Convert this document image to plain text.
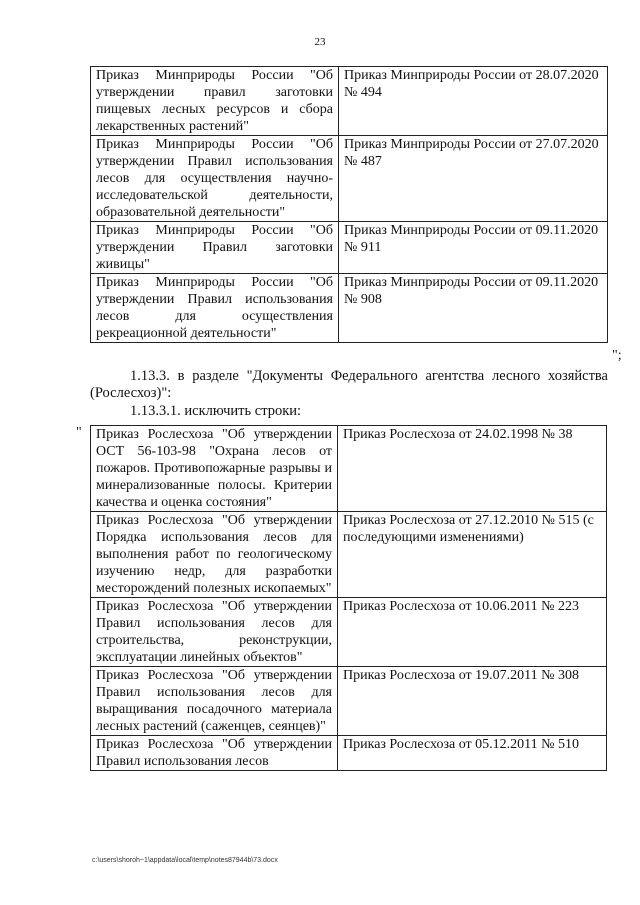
23
Приказ Минприроды России "Об утверждении правил заготовки пищевых лесных ресурсов и сбора лекарственных растений"	Приказ Минприроды России от 28.07.2020 № 494
Приказ Минприроды России "Об утверждении Правил использования лесов для осуществления научно-исследовательской деятельности, образовательной деятельности"	Приказ Минприроды России от 27.07.2020 № 487
Приказ Минприроды России "Об утверждении Правил заготовки живицы"	Приказ Минприроды России от 09.11.2020 № 911
Приказ Минприроды России "Об утверждении Правил использования лесов для осуществления рекреационной деятельности"	Приказ Минприроды России от 09.11.2020 № 908
";
1.13.3. в разделе "Документы Федерального агентства лесного хозяйства (Рослесхоз)":
1.13.3.1. исключить строки:
" Приказ Рослесхоза "Об утверждении ОСТ 56-103-98 "Охрана лесов от пожаров. Противопожарные разрывы и минерализованные полосы. Критерии качества и оценка состояния"	Приказ Рослесхоза от 24.02.1998 № 38
Приказ Рослесхоза "Об утверждении Порядка использования лесов для выполнения работ по геологическому изучению недр, для разработки месторождений полезных ископаемых"	Приказ Рослесхоза от 27.12.2010 № 515 (с последующими изменениями)
Приказ Рослесхоза "Об утверждении Правил использования лесов для строительства, реконструкции, эксплуатации линейных объектов"	Приказ Рослесхоза от 10.06.2011 № 223
Приказ Рослесхоза "Об утверждении Правил использования лесов для выращивания посадочного материала лесных растений (саженцев, сеянцев)"	Приказ Рослесхоза от 19.07.2011 № 308
Приказ Рослесхоза "Об утверждении Правил использования лесов	Приказ Рослесхоза от 05.12.2011 № 510
c:\users\shoroh~1\appdata\local\temp\notes87944b\73.docx
